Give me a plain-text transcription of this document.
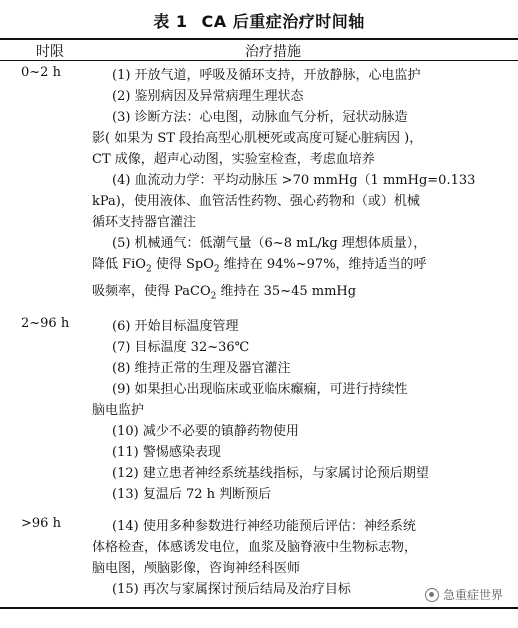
表 1 CA 后重症治疗时间轴
时限	治疗措施
0~2 h	(1) 开放气道，呼吸及循环支持，开放静脉，心电监护
(2) 鉴别病因及异常病理生理状态
(3) 诊断方法：心电图，动脉血气分析，冠状动脉造
影( 如果为 ST 段抬高型心肌梗死或高度可疑心脏病因 )，
CT 成像，超声心动图，实验室检查，考虑血培养
(4) 血流动力学：平均动脉压 >70 mmHg（1 mmHg=0.133
kPa)，使用液体、血管活性药物、强心药物和（或）机械
循环支持器官灌注
(5) 机械通气：低潮气量（6~8 mL/kg 理想体质量），
降低 FiO$_2$ 使得 SpO$_2$ 维持在 94%~97%，维持适当的呼
吸频率，使得 PaCO$_2$ 维持在 35~45 mmHg
2~96 h	(6) 开始目标温度管理
(7) 目标温度 32~36℃
(8) 维持正常的生理及器官灌注
(9) 如果担心出现临床或亚临床癫痫，可进行持续性
脑电监护
(10) 减少不必要的镇静药物使用
(11) 警惕感染表现
(12) 建立患者神经系统基线指标，与家属讨论预后期望
(13) 复温后 72 h 判断预后
>96 h	(14) 使用多种参数进行神经功能预后评估：神经系统
体格检查，体感诱发电位，血浆及脑脊液中生物标志物，
脑电图，颅脑影像，咨询神经科医师
(15) 再次与家属探讨预后结局及治疗目标	急重症世界
